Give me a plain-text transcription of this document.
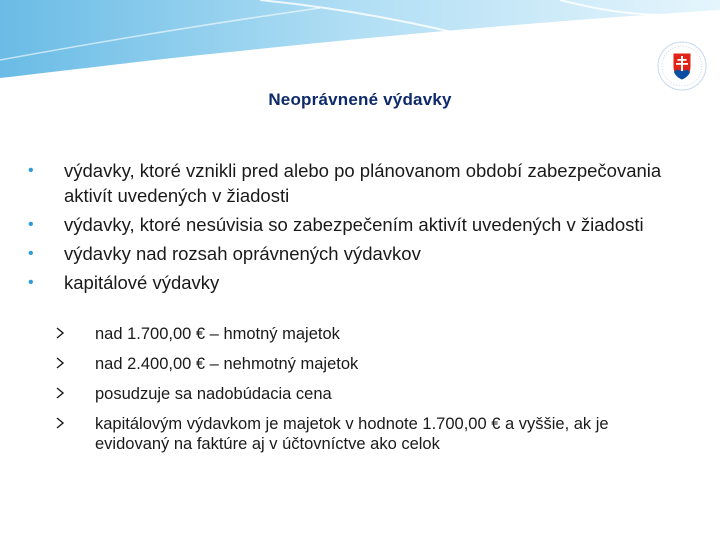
Neoprávnené výdavky
•	výdavky, ktoré vznikli pred alebo po plánovanom období zabezpečovania aktivít uvedených v žiadosti
•	výdavky, ktoré nesúvisia so zabezpečením aktivít uvedených v žiadosti
•	výdavky nad rozsah oprávnených výdavkov
•	kapitálové výdavky
nad 1.700,00 € – hmotný majetok
nad 2.400,00 € – nehmotný majetok
posudzuje sa nadobúdacia cena
kapitálovým výdavkom je majetok v hodnote 1.700,00 € a vyššie, ak je evidovaný na faktúre aj v účtovníctve ako celok
